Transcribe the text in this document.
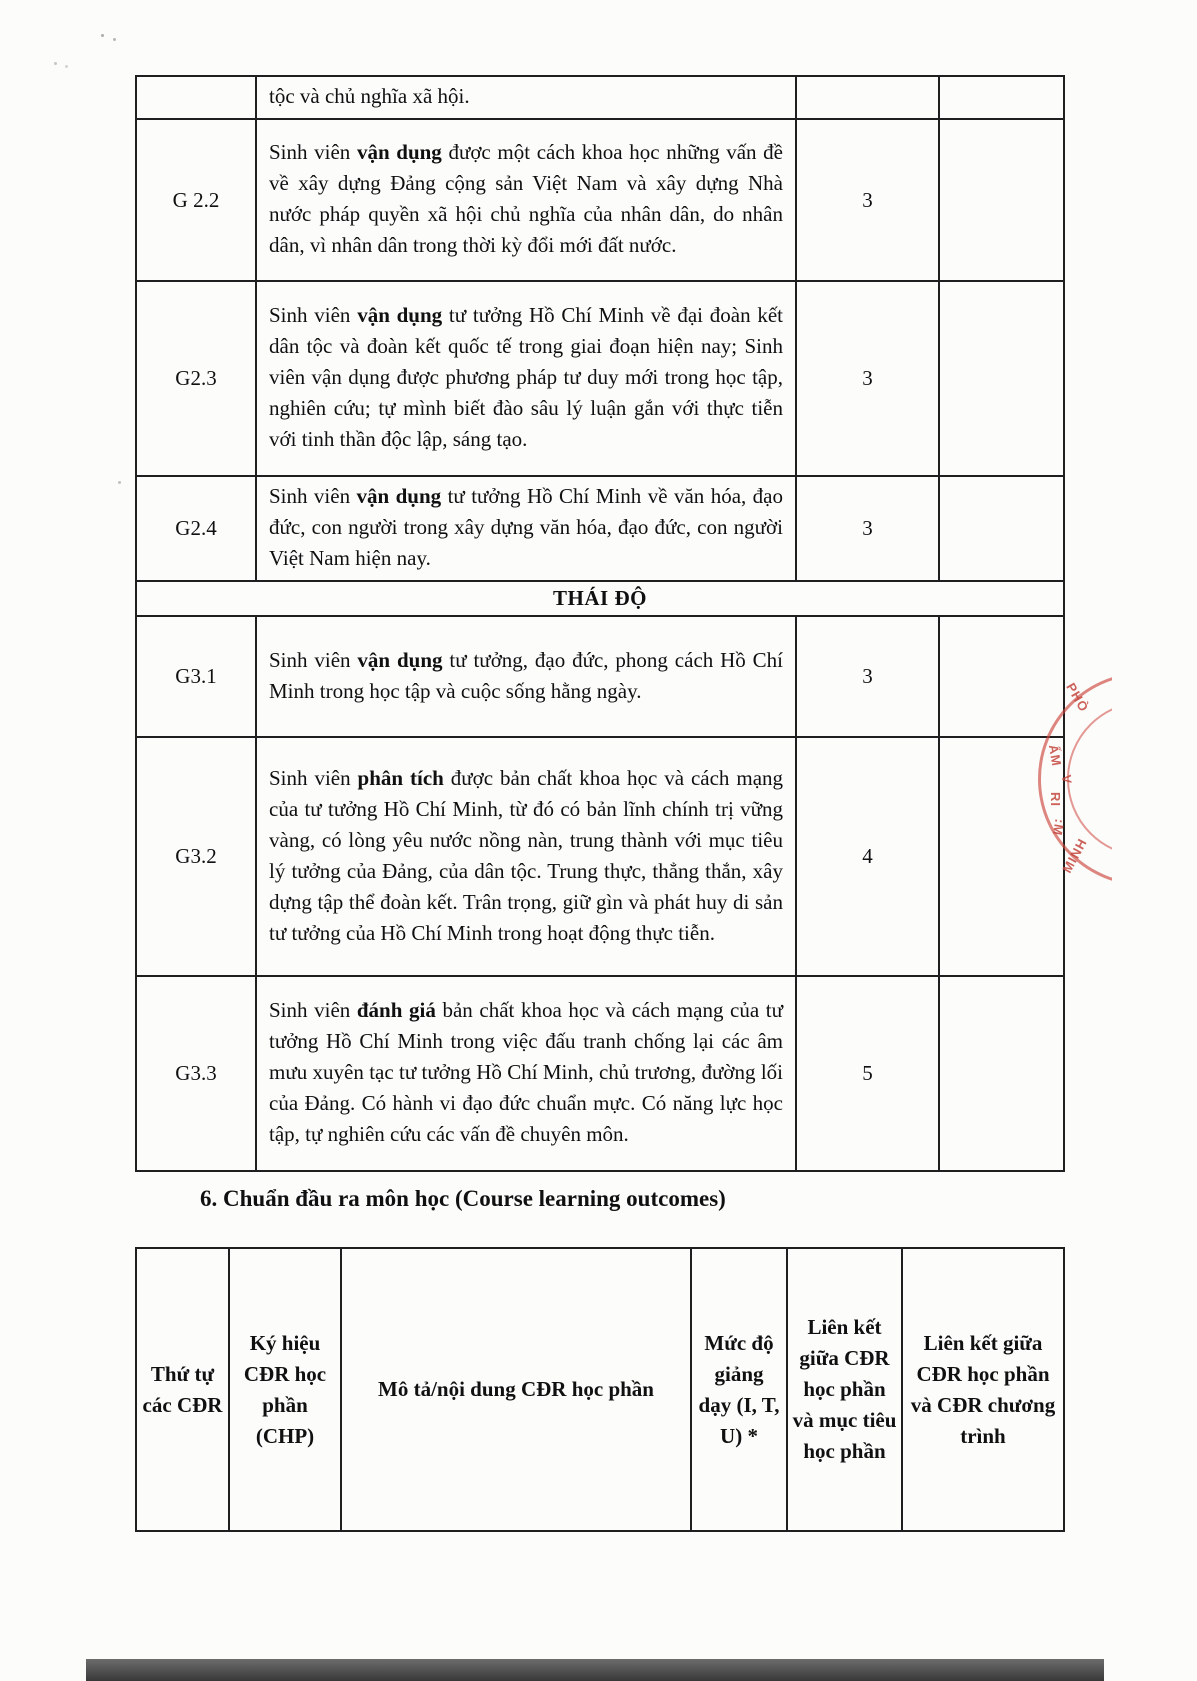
	tộc và chủ nghĩa xã hội.		
G 2.2	Sinh viên vận dụng được một cách khoa học những vấn đề về xây dựng Đảng cộng sản Việt Nam và xây dựng Nhà nước pháp quyền xã hội chủ nghĩa của nhân dân, do nhân dân, vì nhân dân trong thời kỳ đổi mới đất nước.	3	
G2.3	Sinh viên vận dụng tư tưởng Hồ Chí Minh về đại đoàn kết dân tộc và đoàn kết quốc tế trong giai đoạn hiện nay; Sinh viên vận dụng được phương pháp tư duy mới trong học tập, nghiên cứu; tự mình biết đào sâu lý luận gắn với thực tiễn với tinh thần độc lập, sáng tạo.	3	
G2.4	Sinh viên vận dụng tư tưởng Hồ Chí Minh về văn hóa, đạo đức, con người trong xây dựng văn hóa, đạo đức, con người Việt Nam hiện nay.	3	
THÁI ĐỘ			
G3.1	Sinh viên vận dụng tư tưởng, đạo đức, phong cách Hồ Chí Minh trong học tập và cuộc sống hằng ngày.	3	
G3.2	Sinh viên phân tích được bản chất khoa học và cách mạng của tư tưởng Hồ Chí Minh, từ đó có bản lĩnh chính trị vững vàng, có lòng yêu nước nồng nàn, trung thành với mục tiêu lý tưởng của Đảng, của dân tộc. Trung thực, thẳng thắn, xây dựng tập thể đoàn kết. Trân trọng, giữ gìn và phát huy di sản tư tưởng của Hồ Chí Minh trong hoạt động thực tiễn.	4	
G3.3	Sinh viên đánh giá bản chất khoa học và cách mạng của tư tưởng Hồ Chí Minh trong việc đấu tranh chống lại các âm mưu xuyên tạc tư tưởng Hồ Chí Minh, chủ trương, đường lối của Đảng. Có hành vi đạo đức chuẩn mực. Có năng lực học tập, tự nghiên cứu các vấn đề chuyên môn.	5	
PHÒ
ẤM
V
RI
:M
MINH
6. Chuẩn đầu ra môn học (Course learning outcomes)
Thứ tự các CĐR	Ký hiệu CĐR học phần (CHP)	Mô tả/nội dung CĐR học phần	Mức độ giảng dạy (I, T, U) *	Liên kết giữa CĐR học phần và mục tiêu học phần	Liên kết giữa CĐR học phần và CĐR chương trình
